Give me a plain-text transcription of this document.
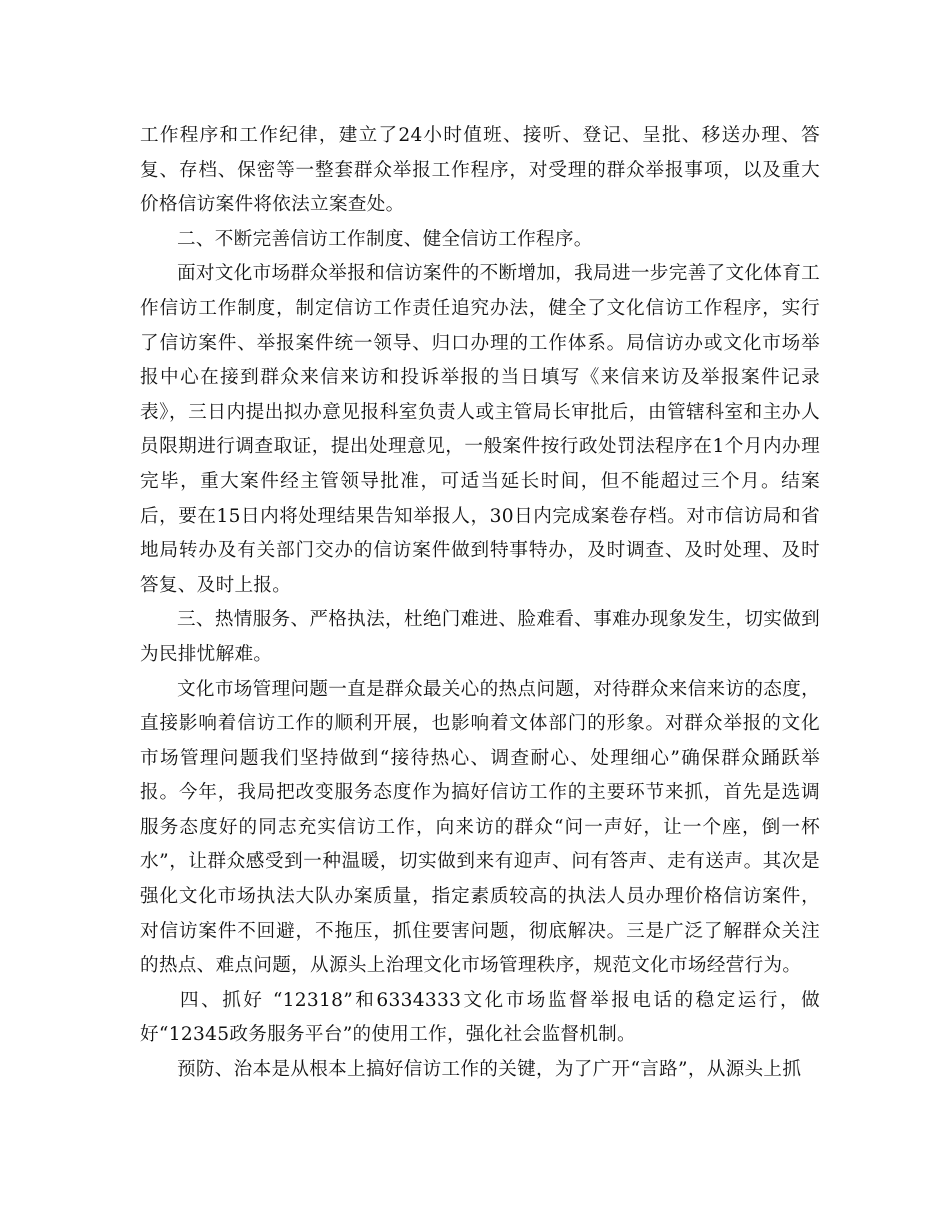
工作程序和工作纪律，建立了24小时值班、接听、登记、呈批、移送办理、答复、存档、保密等一整套群众举报工作程序，对受理的群众举报事项，以及重大价格信访案件将依法立案查处。

二、不断完善信访工作制度、健全信访工作程序。

面对文化市场群众举报和信访案件的不断增加，我局进一步完善了文化体育工作信访工作制度，制定信访工作责任追究办法，健全了文化信访工作程序，实行了信访案件、举报案件统一领导、归口办理的工作体系。局信访办或文化市场举报中心在接到群众来信来访和投诉举报的当日填写《来信来访及举报案件记录表》，三日内提出拟办意见报科室负责人或主管局长审批后，由管辖科室和主办人员限期进行调查取证，提出处理意见，一般案件按行政处罚法程序在1个月内办理完毕，重大案件经主管领导批准，可适当延长时间，但不能超过三个月。结案后，要在15日内将处理结果告知举报人，30日内完成案卷存档。对市信访局和省地局转办及有关部门交办的信访案件做到特事特办，及时调查、及时处理、及时答复、及时上报。

三、热情服务、严格执法，杜绝门难进、脸难看、事难办现象发生，切实做到为民排忧解难。

文化市场管理问题一直是群众最关心的热点问题，对待群众来信来访的态度，直接影响着信访工作的顺利开展，也影响着文体部门的形象。对群众举报的文化市场管理问题我们坚持做到“接待热心、调查耐心、处理细心”确保群众踊跃举报。今年，我局把改变服务态度作为搞好信访工作的主要环节来抓，首先是选调服务态度好的同志充实信访工作，向来访的群众“问一声好，让一个座，倒一杯水”，让群众感受到一种温暖，切实做到来有迎声、问有答声、走有送声。其次是强化文化市场执法大队办案质量，指定素质较高的执法人员办理价格信访案件，对信访案件不回避，不拖压，抓住要害问题，彻底解决。三是广泛了解群众关注的热点、难点问题，从源头上治理文化市场管理秩序，规范文化市场经营行为。

四、抓好 “12318”和6334333文化市场监督举报电话的稳定运行，做好“12345政务服务平台”的使用工作，强化社会监督机制。

预防、治本是从根本上搞好信访工作的关键，为了广开“言路”，从源头上抓
